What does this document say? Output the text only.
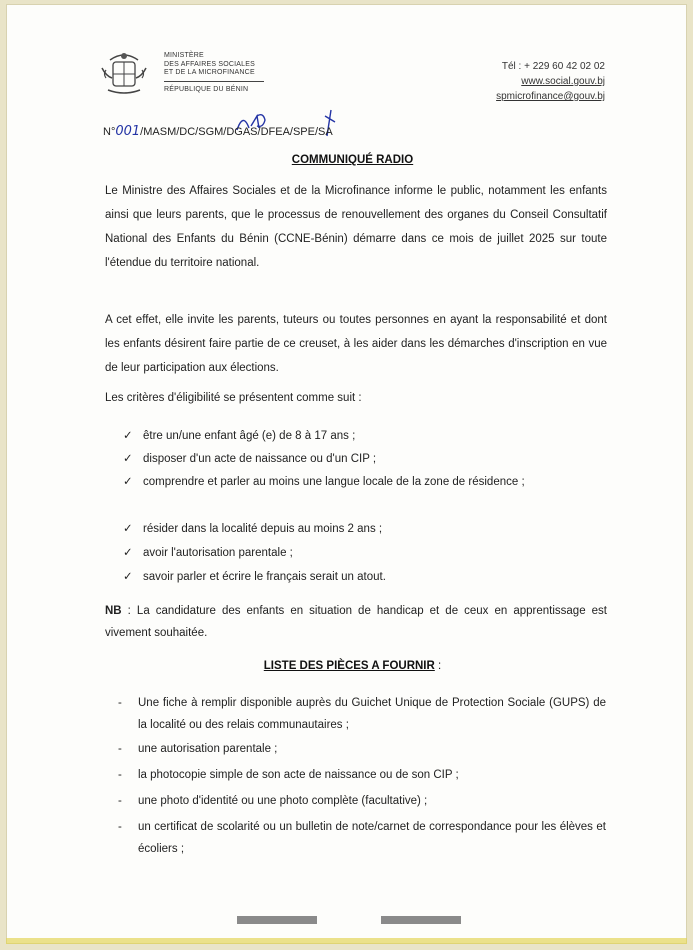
MINISTÈRE
DES AFFAIRES SOCIALES
ET DE LA MICROFINANCE
RÉPUBLIQUE DU BÉNIN
Tél : + 229 60 42 02 02
www.social.gouv.bj
spmicrofinance@gouv.bj
N°001/MASM/DC/SGM/DGAS/DFEA/SPE/SA
COMMUNIQUÉ RADIO
Le Ministre des Affaires Sociales et de la Microfinance informe le public, notamment les enfants ainsi que leurs parents, que le processus de renouvellement des organes du Conseil Consultatif National des Enfants du Bénin (CCNE-Bénin) démarre dans ce mois de juillet 2025 sur toute l'étendue du territoire national.
A cet effet, elle invite les parents, tuteurs ou toutes personnes en ayant la responsabilité et dont les enfants désirent faire partie de ce creuset, à les aider dans les démarches d'inscription en vue de leur participation aux élections.
Les critères d'éligibilité se présentent comme suit :
✓ être un/une enfant âgé (e) de 8 à 17 ans ;
✓ disposer d'un acte de naissance ou d'un CIP ;
✓ comprendre et parler au moins une langue locale de la zone de résidence ;
✓ résider dans la localité depuis au moins 2 ans ;
✓ avoir l'autorisation parentale ;
✓ savoir parler et écrire le français serait un atout.
NB : La candidature des enfants en situation de handicap et de ceux en apprentissage est vivement souhaitée.
LISTE DES PIÈCES A FOURNIR :
- Une fiche à remplir disponible auprès du Guichet Unique de Protection Sociale (GUPS) de la localité ou des relais communautaires ;
- une autorisation parentale ;
- la photocopie simple de son acte de naissance ou de son CIP ;
- une photo d'identité ou une photo complète (facultative) ;
- un certificat de scolarité ou un bulletin de note/carnet de correspondance pour les élèves et écoliers ;
